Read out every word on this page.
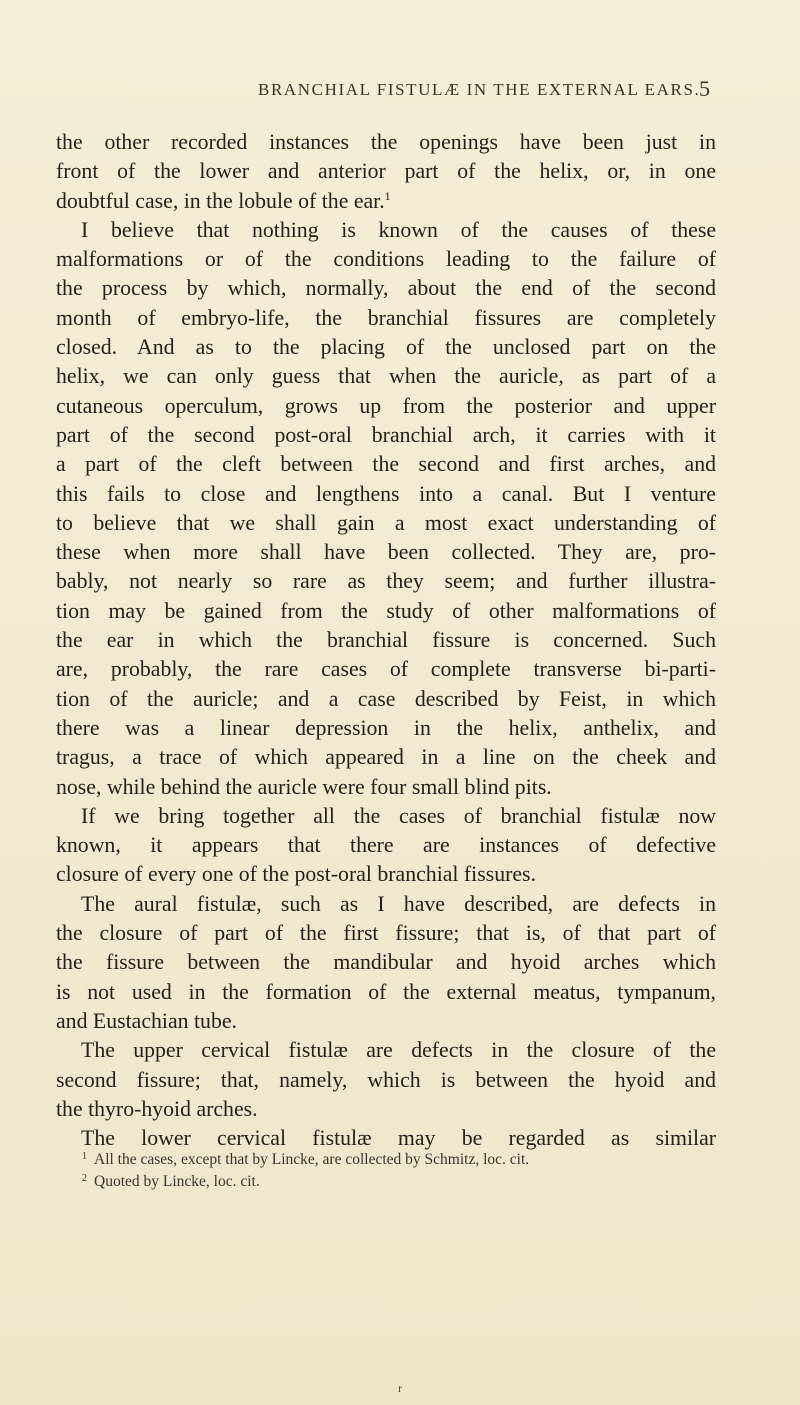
BRANCHIAL FISTULÆ IN THE EXTERNAL EARS.
5
the other recorded instances the openings have been just in
front of the lower and anterior part of the helix, or, in one
doubtful case, in the lobule of the ear.$^1$
I believe that nothing is known of the causes of these
malformations or of the conditions leading to the failure of
the process by which, normally, about the end of the second
month of embryo-life, the branchial fissures are completely
closed. And as to the placing of the unclosed part on the
helix, we can only guess that when the auricle, as part of a
cutaneous operculum, grows up from the posterior and upper
part of the second post-oral branchial arch, it carries with it
a part of the cleft between the second and first arches, and
this fails to close and lengthens into a canal. But I venture
to believe that we shall gain a most exact understanding of
these when more shall have been collected. They are, pro-
bably, not nearly so rare as they seem; and further illustra-
tion may be gained from the study of other malformations of
the ear in which the branchial fissure is concerned. Such
are, probably, the rare cases of complete transverse bi-parti-
tion of the auricle; and a case described by Feist, in which
there was a linear depression in the helix, anthelix, and
tragus, a trace of which appeared in a line on the cheek and
nose, while behind the auricle were four small blind pits.
If we bring together all the cases of branchial fistulæ now
known, it appears that there are instances of defective
closure of every one of the post-oral branchial fissures.
The aural fistulæ, such as I have described, are defects in
the closure of part of the first fissure; that is, of that part of
the fissure between the mandibular and hyoid arches which
is not used in the formation of the external meatus, tympanum,
and Eustachian tube.
The upper cervical fistulæ are defects in the closure of the
second fissure; that, namely, which is between the hyoid and
the thyro-hyoid arches.
The lower cervical fistulæ may be regarded as similar
$^1$ All the cases, except that by Lincke, are collected by Schmitz, loc. cit.
$^2$ Quoted by Lincke, loc. cit.
r
